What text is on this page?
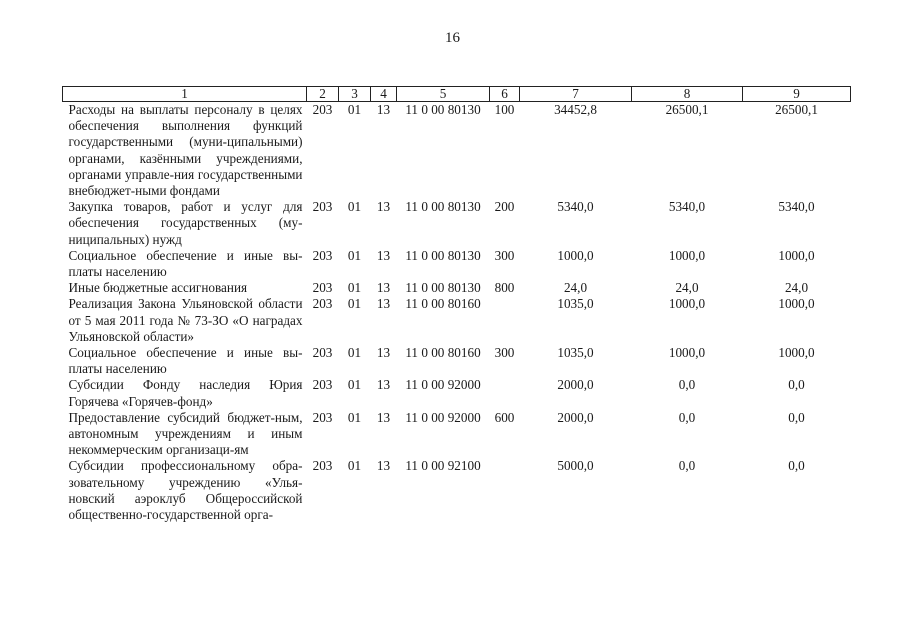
16
1	2	3	4	5	6	7	8	9
Расходы на выплаты персоналу в целях обеспечения выполнения функций государственными (муни-ципальными) органами, казёнными учреждениями, органами управле-ния государственными внебюджет-ными фондами	203	01	13	11 0 00 80130	100	34452,8	26500,1	26500,1
Закупка товаров, работ и услуг для обеспечения государственных (му-ниципальных) нужд	203	01	13	11 0 00 80130	200	5340,0	5340,0	5340,0
Социальное обеспечение и иные вы-платы населению	203	01	13	11 0 00 80130	300	1000,0	1000,0	1000,0
Иные бюджетные ассигнования	203	01	13	11 0 00 80130	800	24,0	24,0	24,0
Реализация Закона Ульяновской области от 5 мая 2011 года № 73-ЗО «О наградах Ульяновской области»	203	01	13	11 0 00 80160		1035,0	1000,0	1000,0
Социальное обеспечение и иные вы-платы населению	203	01	13	11 0 00 80160	300	1035,0	1000,0	1000,0
Субсидии Фонду наследия Юрия Горячева «Горячев-фонд»	203	01	13	11 0 00 92000		2000,0	0,0	0,0
Предоставление субсидий бюджет-ным, автономным учреждениям и иным некоммерческим организаци-ям	203	01	13	11 0 00 92000	600	2000,0	0,0	0,0
Субсидии профессиональному обра-зовательному учреждению «Улья-новский аэроклуб Общероссийской общественно-государственной орга-	203	01	13	11 0 00 92100		5000,0	0,0	0,0
